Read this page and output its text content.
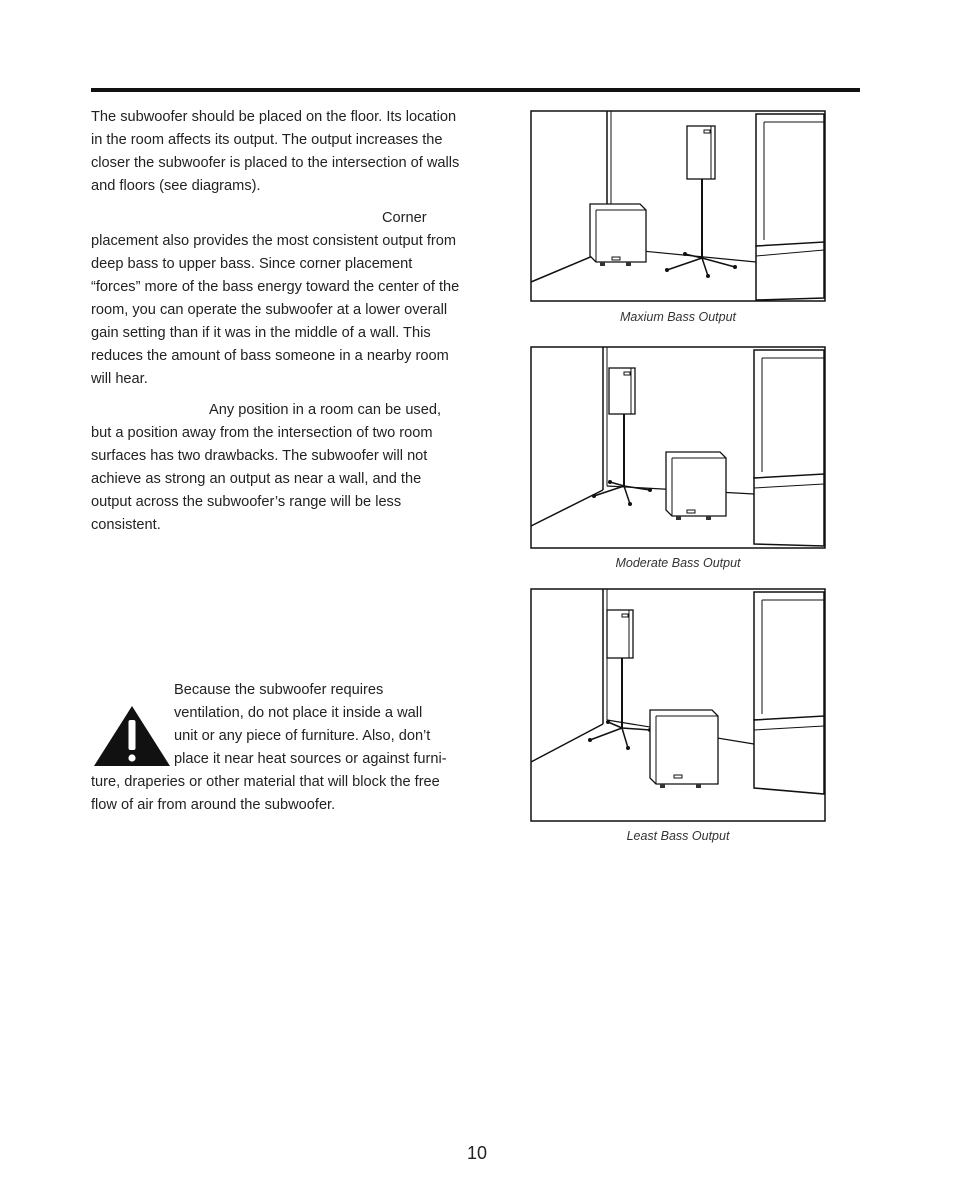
The subwoofer should be placed on the floor. Its location in the room affects its output. The output increases the closer the subwoofer is placed to the intersection of walls and floors (see diagrams).

Corner placement also provides the most consistent output from deep bass to upper bass. Since corner placement “forces” more of the bass energy toward the center of the room, you can operate the subwoofer at a lower overall gain setting than if it was in the middle of a wall. This reduces the amount of bass someone in a nearby room will hear.

Any position in a room can be used, but a position away from the intersection of two room surfaces has two drawbacks. The subwoofer will not achieve as strong an output as near a wall, and the output across the subwoofer’s range will be less consistent.

Because the subwoofer requires
ventilation, do not place it inside a wall
unit or any piece of furniture. Also, don’t
place it near heat sources or against furni-
ture, draperies or other material that will block the free flow of air from around the subwoofer.
Maxium Bass Output
Moderate Bass Output
Least Bass Output
10
